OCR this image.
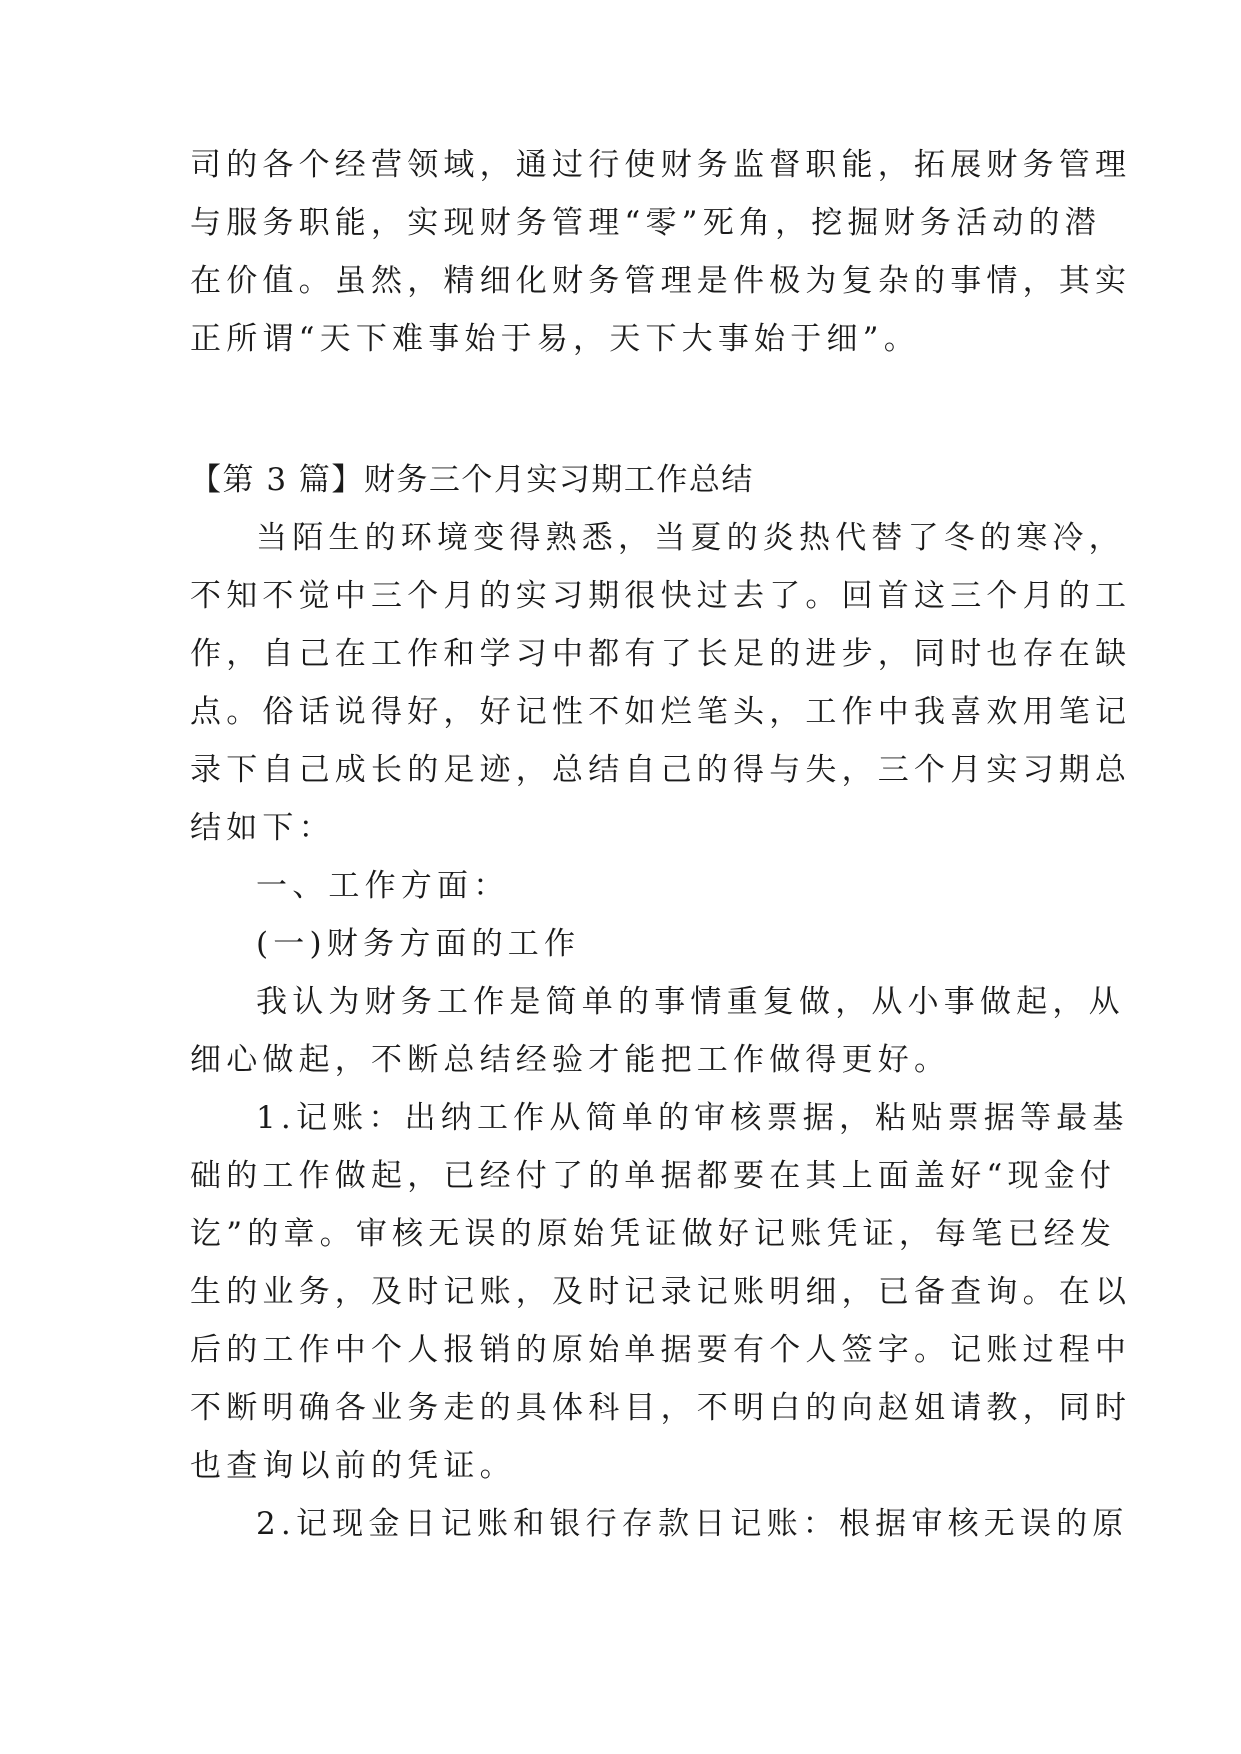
司的各个经营领域，通过行使财务监督职能，拓展财务管理
与服务职能，实现财务管理“零”死角，挖掘财务活动的潜
在价值。虽然，精细化财务管理是件极为复杂的事情，其实
正所谓“天下难事始于易，天下大事始于细”。
【第 3 篇】财务三个月实习期工作总结
当陌生的环境变得熟悉，当夏的炎热代替了冬的寒冷，
不知不觉中三个月的实习期很快过去了。回首这三个月的工
作，自己在工作和学习中都有了长足的进步，同时也存在缺
点。俗话说得好，好记性不如烂笔头，工作中我喜欢用笔记
录下自己成长的足迹，总结自己的得与失，三个月实习期总
结如下：
一、工作方面：
(一)财务方面的工作
我认为财务工作是简单的事情重复做，从小事做起，从
细心做起，不断总结经验才能把工作做得更好。
1.记账：出纳工作从简单的审核票据，粘贴票据等最基
础的工作做起，已经付了的单据都要在其上面盖好“现金付
讫”的章。审核无误的原始凭证做好记账凭证，每笔已经发
生的业务，及时记账，及时记录记账明细，已备查询。在以
后的工作中个人报销的原始单据要有个人签字。记账过程中
不断明确各业务走的具体科目，不明白的向赵姐请教，同时
也查询以前的凭证。
2.记现金日记账和银行存款日记账：根据审核无误的原
